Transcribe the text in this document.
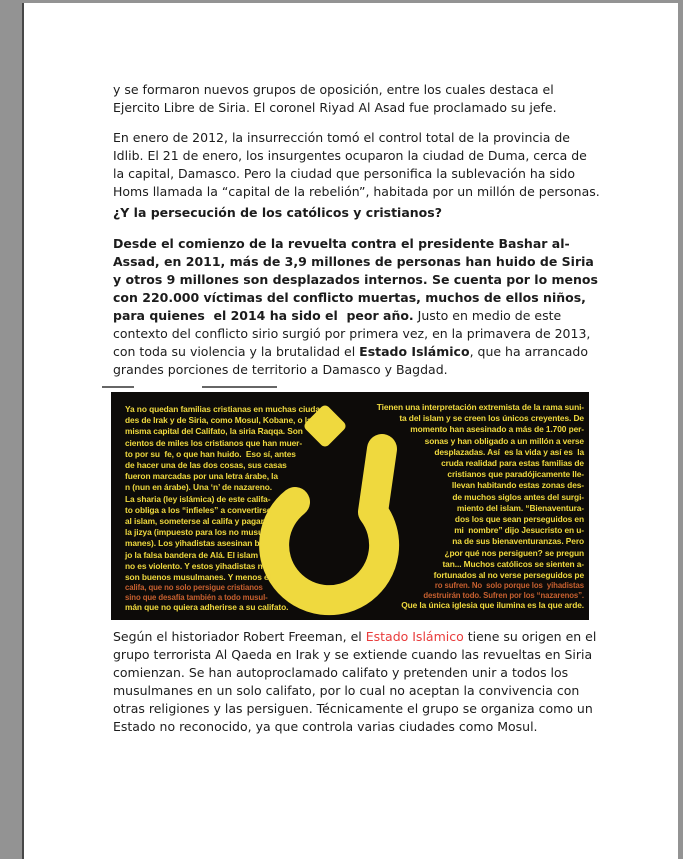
y se formaron nuevos grupos de oposición, entre los cuales destaca el Ejercito Libre de Siria. El coronel Riyad Al Asad fue proclamado su jefe.

En enero de 2012, la insurrección tomó el control total de la provincia de Idlib. El 21 de enero, los insurgentes ocuparon la ciudad de Duma, cerca de la capital, Damasco. Pero la ciudad que personifica la sublevación ha sido Homs llamada la “capital de la rebelión”, habitada por un millón de personas.

¿Y la persecución de los católicos y cristianos?

Desde el comienzo de la revuelta contra el presidente Bashar al-Assad, en 2011, más de 3,9 millones de personas han huido de Siria y otros 9 millones son desplazados internos. Se cuenta por lo menos con 220.000 víctimas del conflicto muertas, muchos de ellos niños, para quienes  el 2014 ha sido el  peor año. Justo en medio de este contexto del conflicto sirio surgió por primera vez, en la primavera de 2013, con toda su violencia y la brutalidad el Estado Islámico, que ha arrancado grandes porciones de territorio a Damasco y Bagdad.

Ya no quedan familias cristianas en muchas ciuda-
des de Irak y de Siria, como Mosul, Kobane, o la
misma capital del Califato, la siria Raqqa. Son
cientos de miles los cristianos que han muer-
to por su  fe, o que han huido.  Eso sí, antes
de hacer una de las dos cosas, sus casas
fueron marcadas por una letra árabe, la
n (nun en árabe). Una ‘n’ de nazareno.
La sharia (ley islámica) de este califa-
to obliga a los “infieles” a convertirse
al islam, someterse al califa y pagar
la jizya (impuesto para los no musul
manes). Los yihadistas asesinan ba-
jo la falsa bandera de Alá. El islam
no es violento. Y estos yihadistas no
son buenos musulmanes. Y menos el
califa, que no solo persigue cristianos
sino que desafía también a todo musul-
mán que no quiera adherirse a su califato.
Tienen una interpretación extremista de la rama suni-
ta del islam y se creen los únicos creyentes. De
momento han asesinado a más de 1.700 per-
sonas y han obligado a un millón a verse
desplazadas. Así  es la vida y así es  la
cruda realidad para estas familias de
cristianos que paradójicamente lle-
llevan habitando estas zonas des-
de muchos siglos antes del surgi-
miento del islam. “Bienaventura-
dos los que sean perseguidos en
mi  nombre” dijo Jesucristo en u-
na de sus bienaventuranzas. Pero
¿por qué nos persiguen? se pregun
tan... Muchos católicos se sienten a-
fortunados al no verse perseguidos pe
ro sufren. No  solo porque los  yihadistas
destruirán todo. Sufren por los “nazarenos”.
Que la única iglesia que ilumina es la que arde.

Según el historiador Robert Freeman, el Estado Islámico tiene su origen en el grupo terrorista Al Qaeda en Irak y se extiende cuando las revueltas en Siria comienzan. Se han autoproclamado califato y pretenden unir a todos los musulmanes en un solo califato, por lo cual no aceptan la convivencia con otras religiones y las persiguen. Técnicamente el grupo se organiza como un Estado no reconocido, ya que controla varias ciudades como Mosul.
